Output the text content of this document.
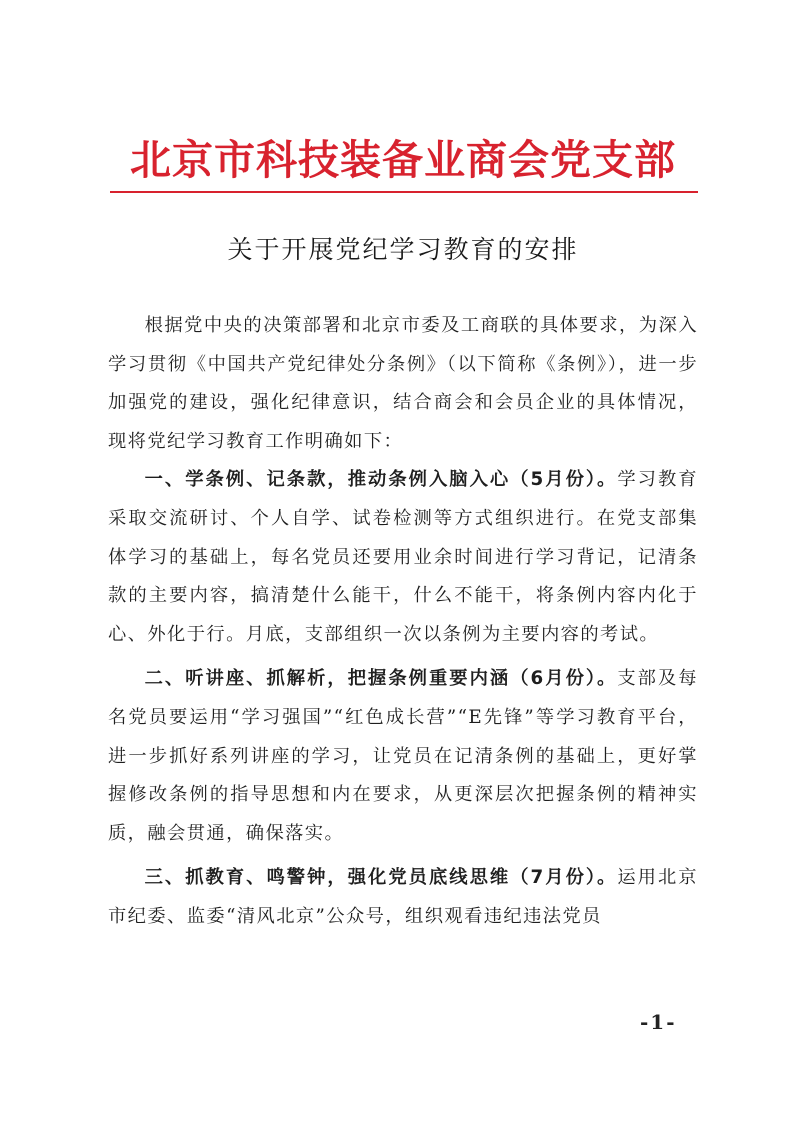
北京市科技装备业商会党支部
关于开展党纪学习教育的安排

根据党中央的决策部署和北京市委及工商联的具体要求，为深入学习贯彻《中国共产党纪律处分条例》（以下简称《条例》），进一步加强党的建设，强化纪律意识，结合商会和会员企业的具体情况，现将党纪学习教育工作明确如下：

一、学条例、记条款，推动条例入脑入心（5月份）。学习教育采取交流研讨、个人自学、试卷检测等方式组织进行。在党支部集体学习的基础上，每名党员还要用业余时间进行学习背记，记清条款的主要内容，搞清楚什么能干，什么不能干，将条例内容内化于心、外化于行。月底，支部组织一次以条例为主要内容的考试。

二、听讲座、抓解析，把握条例重要内涵（6月份）。支部及每名党员要运用“学习强国”“红色成长营”“E先锋”等学习教育平台，进一步抓好系列讲座的学习，让党员在记清条例的基础上，更好掌握修改条例的指导思想和内在要求，从更深层次把握条例的精神实质，融会贯通，确保落实。

三、抓教育、鸣警钟，强化党员底线思维（7月份）。运用北京市纪委、监委“清风北京”公众号，组织观看违纪违法党员

-1-
